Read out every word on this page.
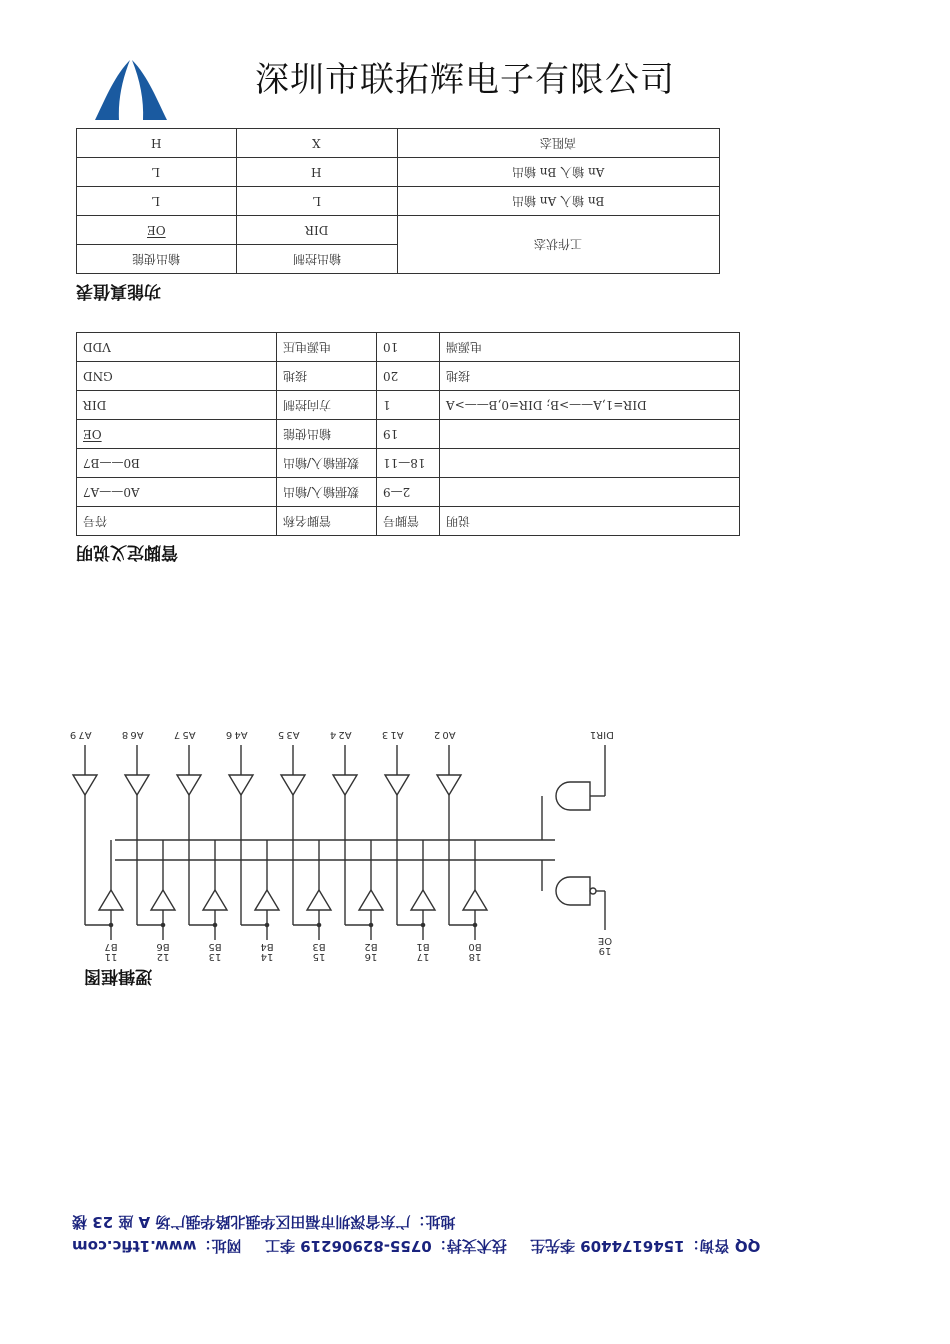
深圳市联拓辉电子有限公司
H	X	高阻态
L	H	An 输入 Bn 输出
L	L	Bn 输入 An 输出
$\overline{OE}$	DIR	工作状态
输出使能	输出控制	
功能真值表
VDD	电源电压	10	电源端
GND	接地	20	接地
DIR	方向控制	1	DIR=1,A——>B; DIR=0,B——>A
$\overline{OE}$	输出使能	19	
B0——B7	数据输入/输出	18—11	
A0——A7	数据输入/输出	2—9	
符号	管脚名称	管脚号	说明
管脚定义说明
OE
19
DIR
1
B0
18
A0
2
B1
17
A1
3
B2
16
A2
4
B3
15
A3
5
B4
14
A4
6
B5
13
A5
7
B6
12
A6
8
B7
11
A7
9
逻辑框图
地址：广东省深圳市福田区华强北路华强广场 A 座 23 楼
网址：www.1tfic.com 技术支持：0755-82906219 李工 QQ 咨询：1546174409 李先生
